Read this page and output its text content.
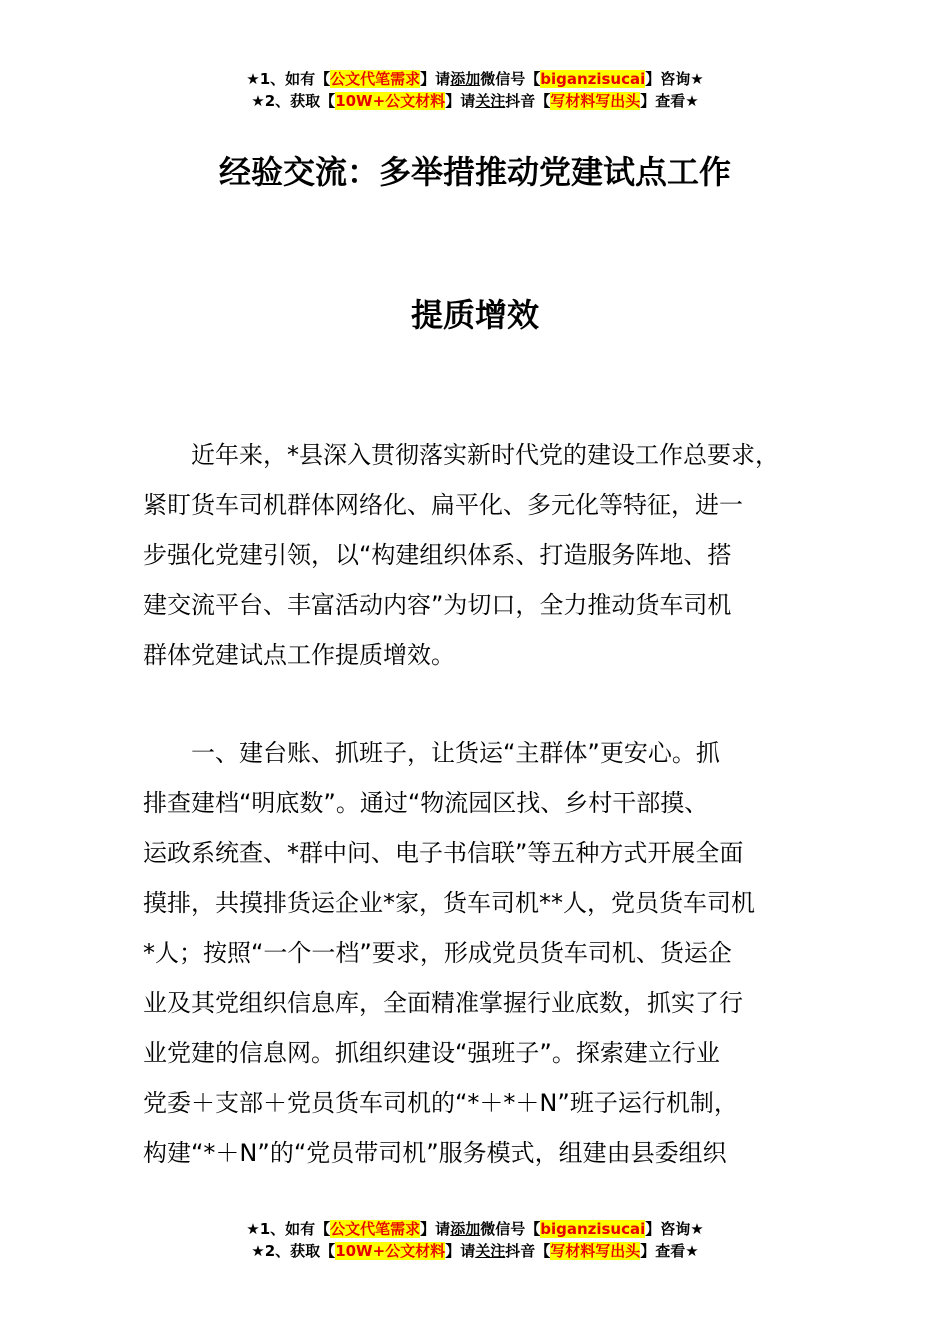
★1、如有【公文代笔需求】请添加微信号【biganzisucai】咨询★
★2、获取【10W+公文材料】请关注抖音【写材料写出头】查看★
经验交流：多举措推动党建试点工作
提质增效
　　近年来，*县深入贯彻落实新时代党的建设工作总要求，
紧盯货车司机群体网络化、扁平化、多元化等特征，进一
步强化党建引领，以“构建组织体系、打造服务阵地、搭
建交流平台、丰富活动内容”为切口，全力推动货车司机
群体党建试点工作提质增效。
　　一、建台账、抓班子，让货运“主群体”更安心。抓
排查建档“明底数”。通过“物流园区找、乡村干部摸、
运政系统查、*群中问、电子书信联”等五种方式开展全面
摸排，共摸排货运企业*家，货车司机**人，党员货车司机
*人；按照“一个一档”要求，形成党员货车司机、货运企
业及其党组织信息库，全面精准掌握行业底数，抓实了行
业党建的信息网。抓组织建设“强班子”。探索建立行业
党委＋支部＋党员货车司机的“*＋*＋N”班子运行机制，
构建“*＋N”的“党员带司机”服务模式，组建由县委组织
★1、如有【公文代笔需求】请添加微信号【biganzisucai】咨询★
★2、获取【10W+公文材料】请关注抖音【写材料写出头】查看★
